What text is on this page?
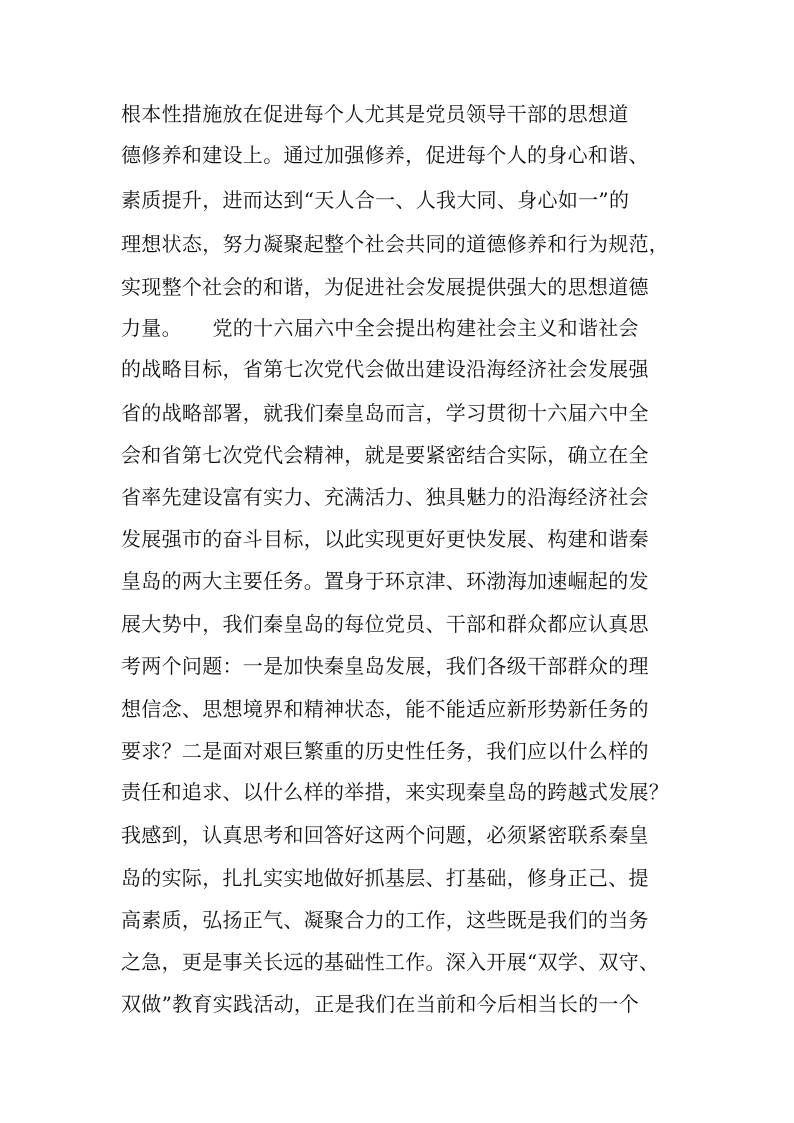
根本性措施放在促进每个人尤其是党员领导干部的思想道
德修养和建设上。通过加强修养，促进每个人的身心和谐、
素质提升，进而达到“天人合一、人我大同、身心如一”的
理想状态，努力凝聚起整个社会共同的道德修养和行为规范，
实现整个社会的和谐，为促进社会发展提供强大的思想道德
力量。　　党的十六届六中全会提出构建社会主义和谐社会
的战略目标，省第七次党代会做出建设沿海经济社会发展强
省的战略部署，就我们秦皇岛而言，学习贯彻十六届六中全
会和省第七次党代会精神，就是要紧密结合实际，确立在全
省率先建设富有实力、充满活力、独具魅力的沿海经济社会
发展强市的奋斗目标，以此实现更好更快发展、构建和谐秦
皇岛的两大主要任务。置身于环京津、环渤海加速崛起的发
展大势中，我们秦皇岛的每位党员、干部和群众都应认真思
考两个问题：一是加快秦皇岛发展，我们各级干部群众的理
想信念、思想境界和精神状态，能不能适应新形势新任务的
要求？二是面对艰巨繁重的历史性任务，我们应以什么样的
责任和追求、以什么样的举措，来实现秦皇岛的跨越式发展？
我感到，认真思考和回答好这两个问题，必须紧密联系秦皇
岛的实际，扎扎实实地做好抓基层、打基础，修身正己、提
高素质，弘扬正气、凝聚合力的工作，这些既是我们的当务
之急，更是事关长远的基础性工作。深入开展“双学、双守、
双做”教育实践活动，正是我们在当前和今后相当长的一个
